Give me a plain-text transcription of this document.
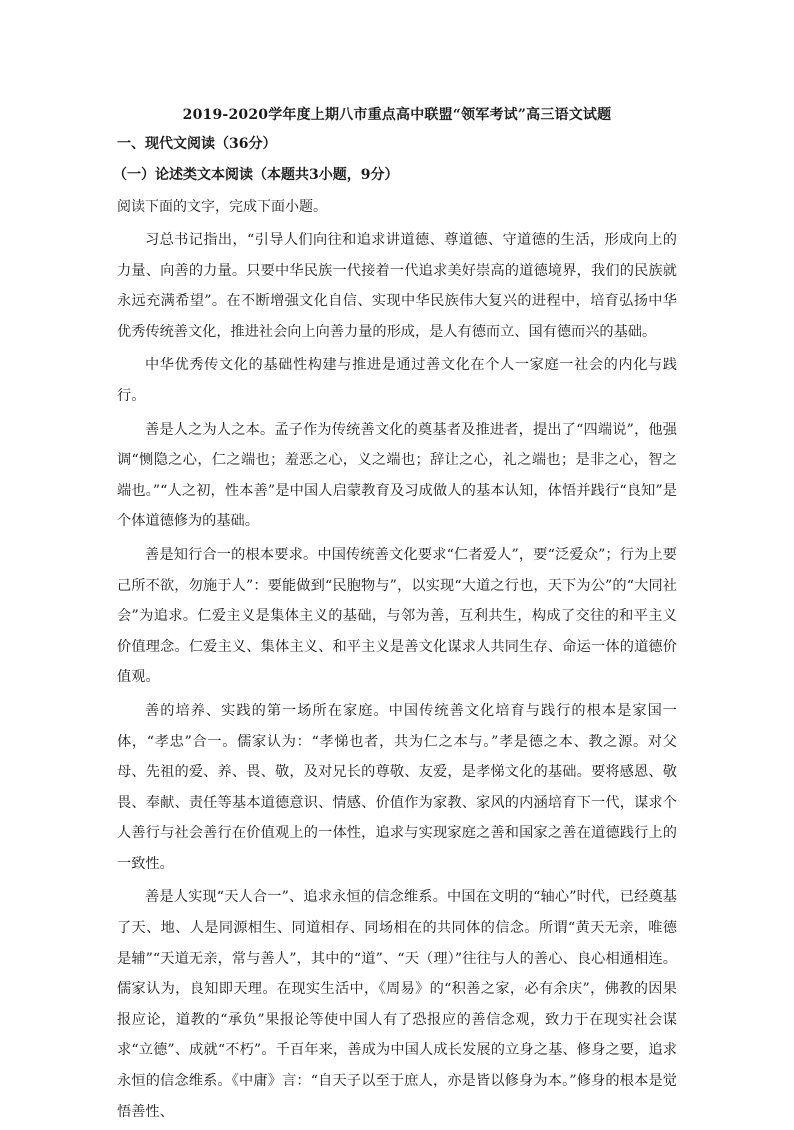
2019-2020学年度上期八市重点高中联盟“领军考试”高三语文试题
一、现代文阅读（36分）
（一）论述类文本阅读（本题共3小题，9分）
阅读下面的文字，完成下面小题。

习总书记指出，“引导人们向往和追求讲道德、尊道德、守道德的生活，形成向上的力量、向善的力量。只要中华民族一代接着一代追求美好崇高的道德境界，我们的民族就永远充满希望”。在不断增强文化自信、实现中华民族伟大复兴的进程中，培育弘扬中华优秀传统善文化，推进社会向上向善力量的形成，是人有德而立、国有德而兴的基础。

中华优秀传文化的基础性构建与推进是通过善文化在个人一家庭一社会的内化与践行。

善是人之为人之本。孟子作为传统善文化的奠基者及推进者，提出了“四端说”，他强调“恻隐之心，仁之端也；羞恶之心，义之端也；辞让之心，礼之端也；是非之心，智之端也。”“人之初，性本善”是中国人启蒙教育及习成做人的基本认知，体悟并践行“良知”是个体道德修为的基础。

善是知行合一的根本要求。中国传统善文化要求“仁者爱人”，要“泛爱众”；行为上要己所不欲，勿施于人”：要能做到“民胞物与”，以实现“大道之行也，天下为公”的“大同社会”为追求。仁爱主义是集体主义的基础，与邻为善，互利共生，构成了交往的和平主义价值理念。仁爱主义、集体主义、和平主义是善文化谋求人共同生存、命运一体的道德价值观。

善的培养、实践的第一场所在家庭。中国传统善文化培育与践行的根本是家国一体，“孝忠”合一。儒家认为：“孝悌也者，共为仁之本与。”孝是德之本、教之源。对父母、先祖的爱、养、畏、敬，及对兄长的尊敬、友爱，是孝悌文化的基础。要将感恩、敬畏、奉献、责任等基本道德意识、情感、价值作为家教、家风的内涵培育下一代，谋求个人善行与社会善行在价值观上的一体性，追求与实现家庭之善和国家之善在道德践行上的一致性。

善是人实现“天人合一”、追求永恒的信念维系。中国在文明的“轴心”时代，已经奠基了天、地、人是同源相生、同道相存、同场相在的共同体的信念。所谓“黄天无亲，唯德是辅”“天道无亲，常与善人”，其中的“道”、“天（理）”往往与人的善心、良心相通相连。儒家认为，良知即天理。在现实生活中，《周易》的“积善之家，必有余庆”，佛教的因果报应论，道教的“承负”果报论等使中国人有了恐报应的善信念观，致力于在现实社会谋求“立德”、成就“不朽”。千百年来，善成为中国人成长发展的立身之基、修身之要，追求永恒的信念维系。《中庸》言：“自天子以至于庶人，亦是皆以修身为本。”修身的根本是觉悟善性、
